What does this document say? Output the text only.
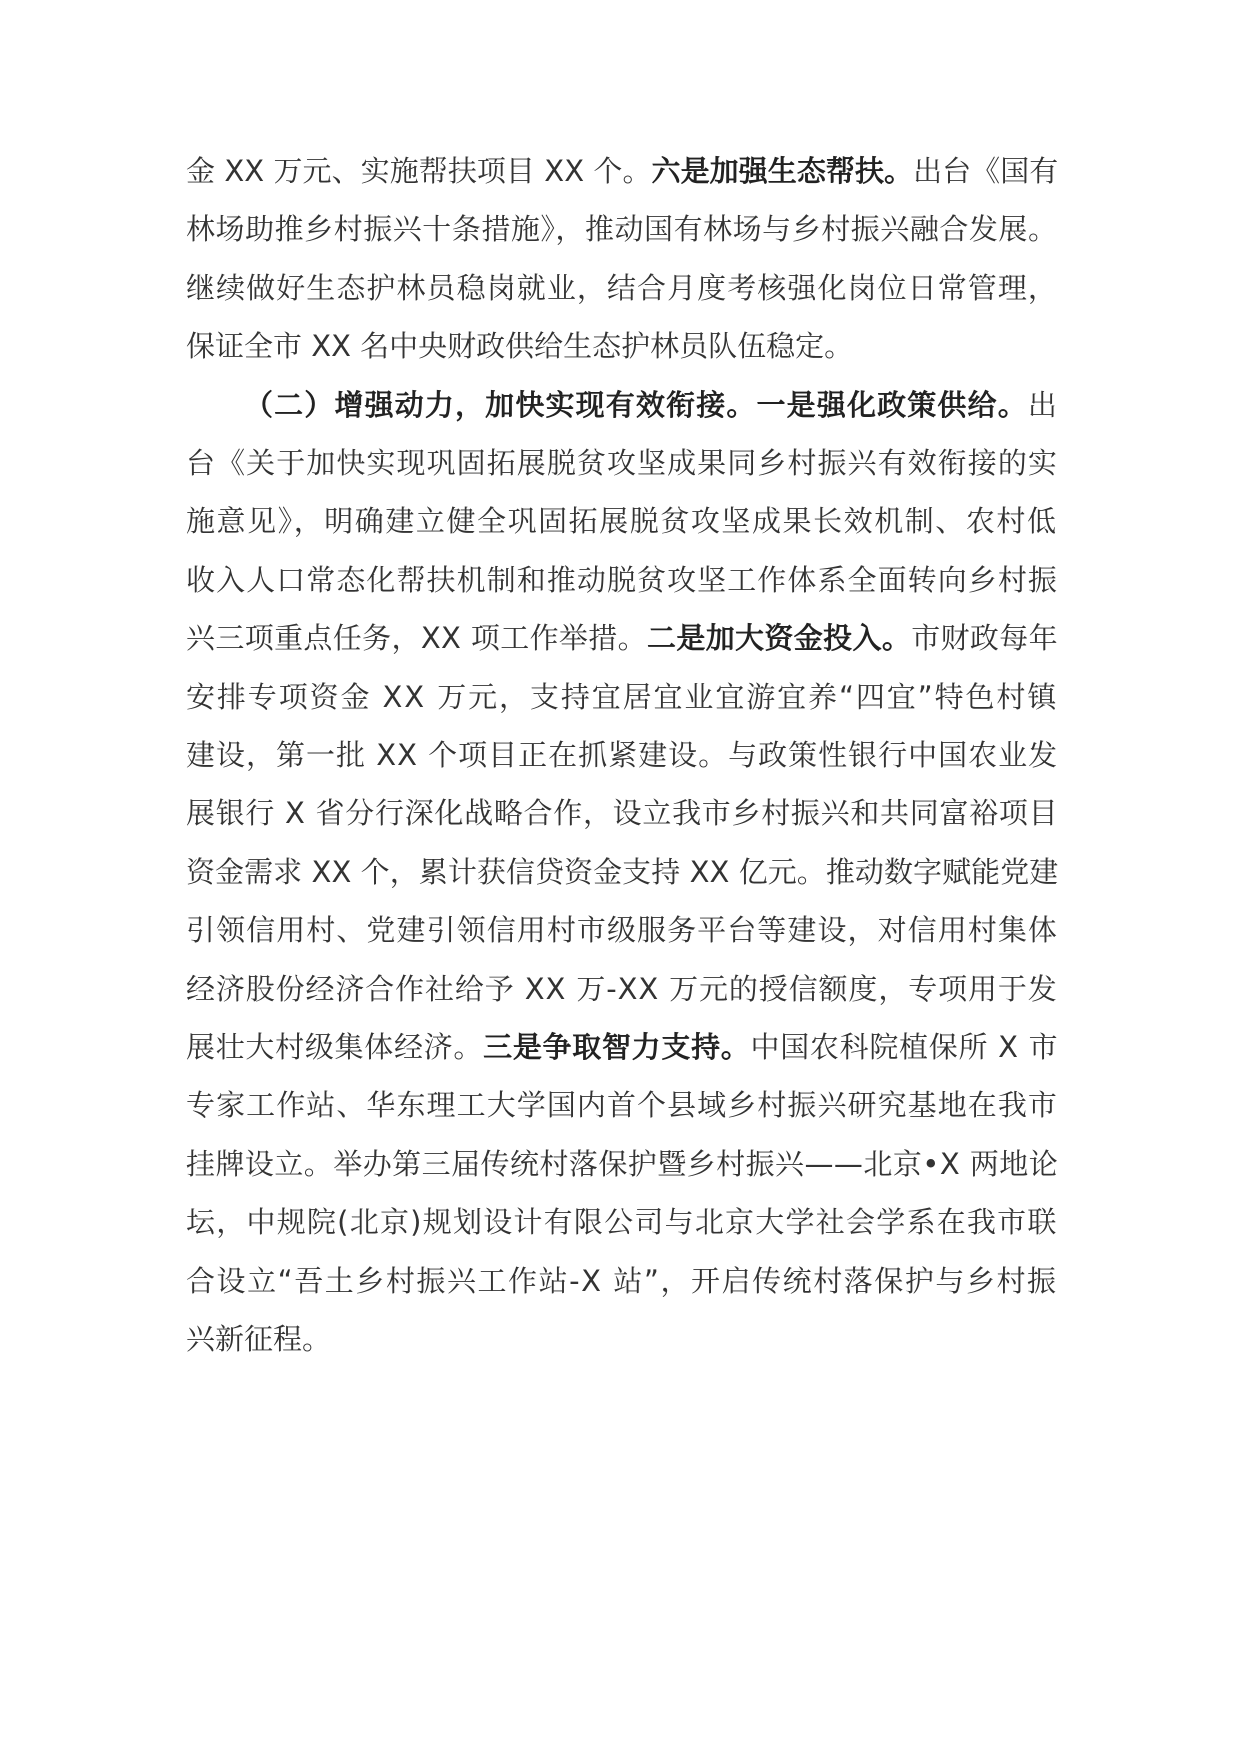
金 XX 万元、实施帮扶项目 XX 个。六是加强生态帮扶。出台《国有
林场助推乡村振兴十条措施》，推动国有林场与乡村振兴融合发展。
继续做好生态护林员稳岗就业，结合月度考核强化岗位日常管理，
保证全市 XX 名中央财政供给生态护林员队伍稳定。
（二）增强动力，加快实现有效衔接。一是强化政策供给。出
台《关于加快实现巩固拓展脱贫攻坚成果同乡村振兴有效衔接的实
施意见》，明确建立健全巩固拓展脱贫攻坚成果长效机制、农村低
收入人口常态化帮扶机制和推动脱贫攻坚工作体系全面转向乡村振
兴三项重点任务，XX 项工作举措。二是加大资金投入。市财政每年
安排专项资金 XX 万元，支持宜居宜业宜游宜养“四宜”特色村镇
建设，第一批 XX 个项目正在抓紧建设。与政策性银行中国农业发
展银行 X 省分行深化战略合作，设立我市乡村振兴和共同富裕项目
资金需求 XX 个，累计获信贷资金支持 XX 亿元。推动数字赋能党建
引领信用村、党建引领信用村市级服务平台等建设，对信用村集体
经济股份经济合作社给予 XX 万-XX 万元的授信额度，专项用于发
展壮大村级集体经济。三是争取智力支持。中国农科院植保所 X 市
专家工作站、华东理工大学国内首个县域乡村振兴研究基地在我市
挂牌设立。举办第三届传统村落保护暨乡村振兴——北京•X 两地论
坛，中规院(北京)规划设计有限公司与北京大学社会学系在我市联
合设立“吾土乡村振兴工作站-X 站”，开启传统村落保护与乡村振
兴新征程。
